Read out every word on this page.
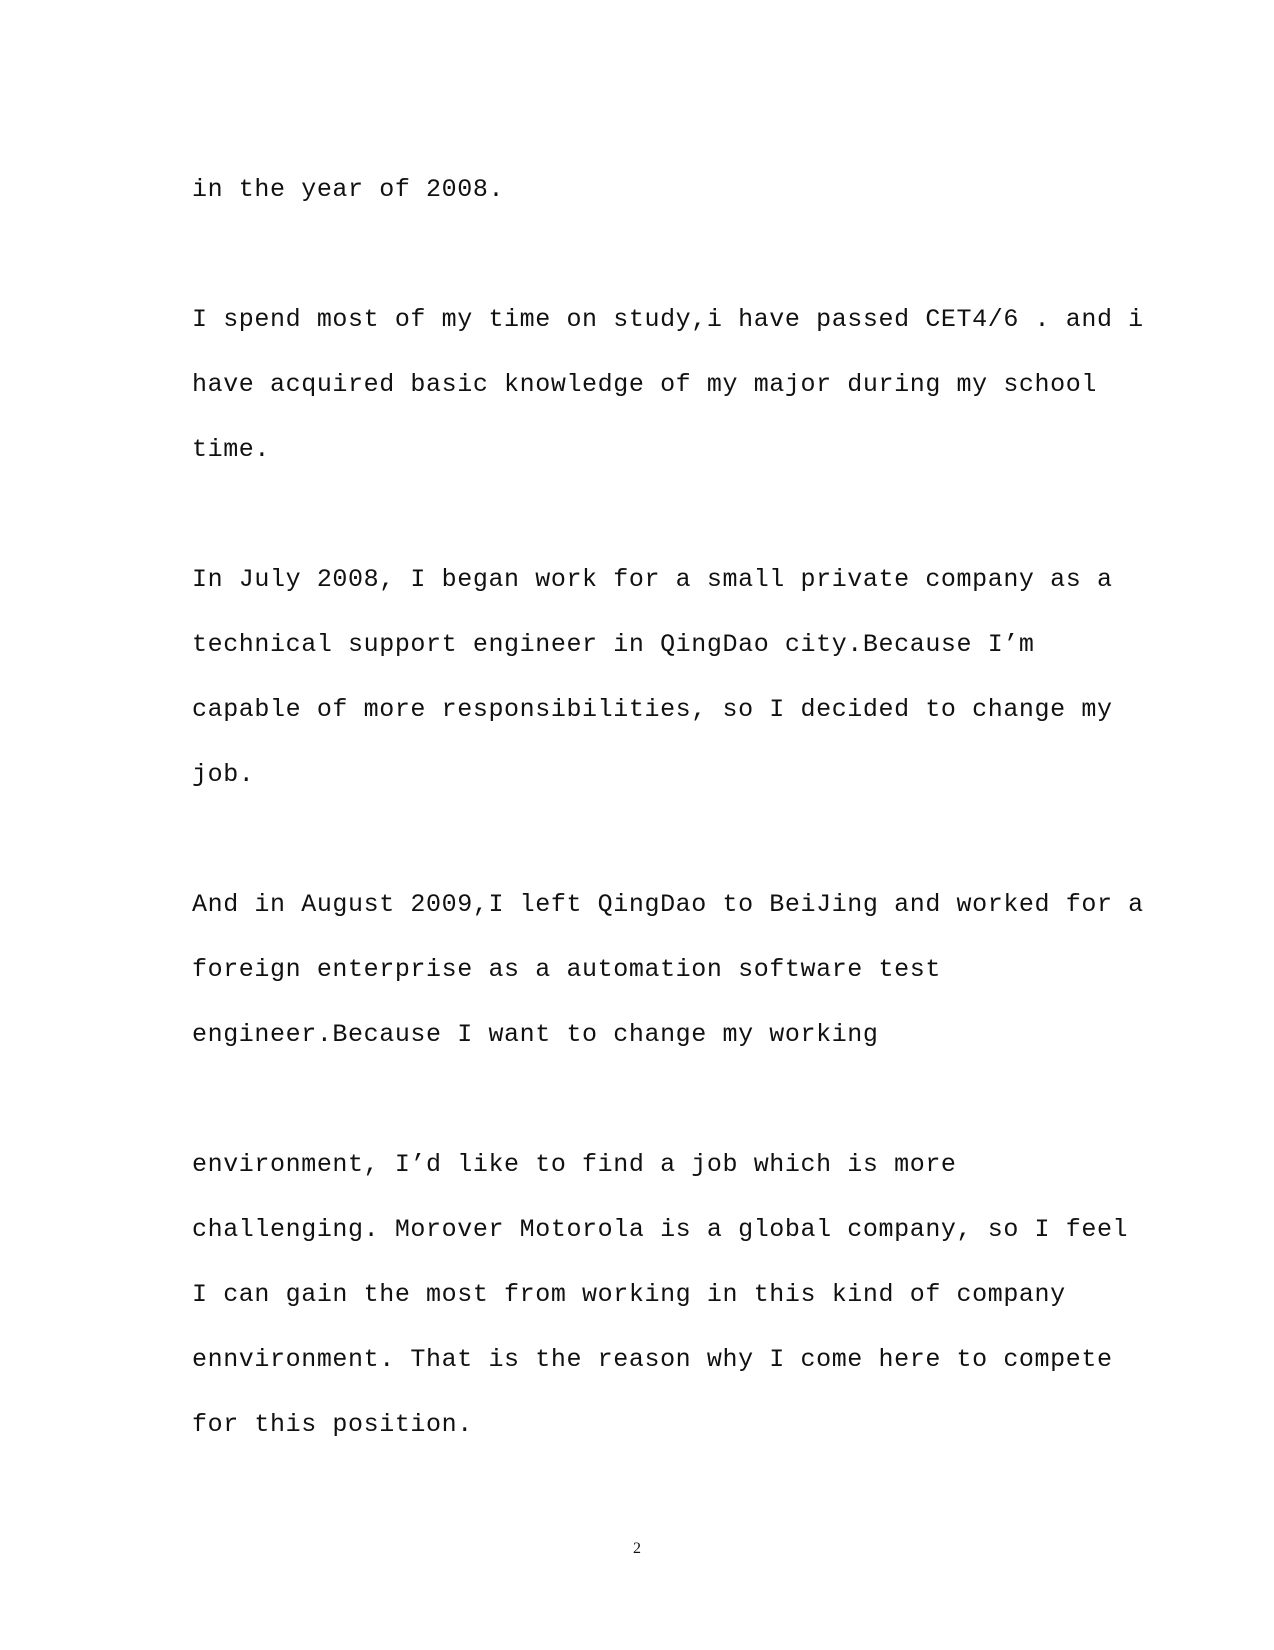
in the year of 2008.
I spend most of my time on study,i have passed CET4/6 . and i
have acquired basic knowledge of my major during my school
time.
In July 2008, I began work for a small private company as a
technical support engineer in QingDao city.Because I’m
capable of more responsibilities, so I decided to change my
job.
And in August 2009,I left QingDao to BeiJing and worked for a
foreign enterprise as a automation software test
engineer.Because I want to change my working
environment, I’d like to find a job which is more
challenging. Morover Motorola is a global company, so I feel
I can gain the most from working in this kind of company
ennvironment. That is the reason why I come here to compete
for this position.
2
